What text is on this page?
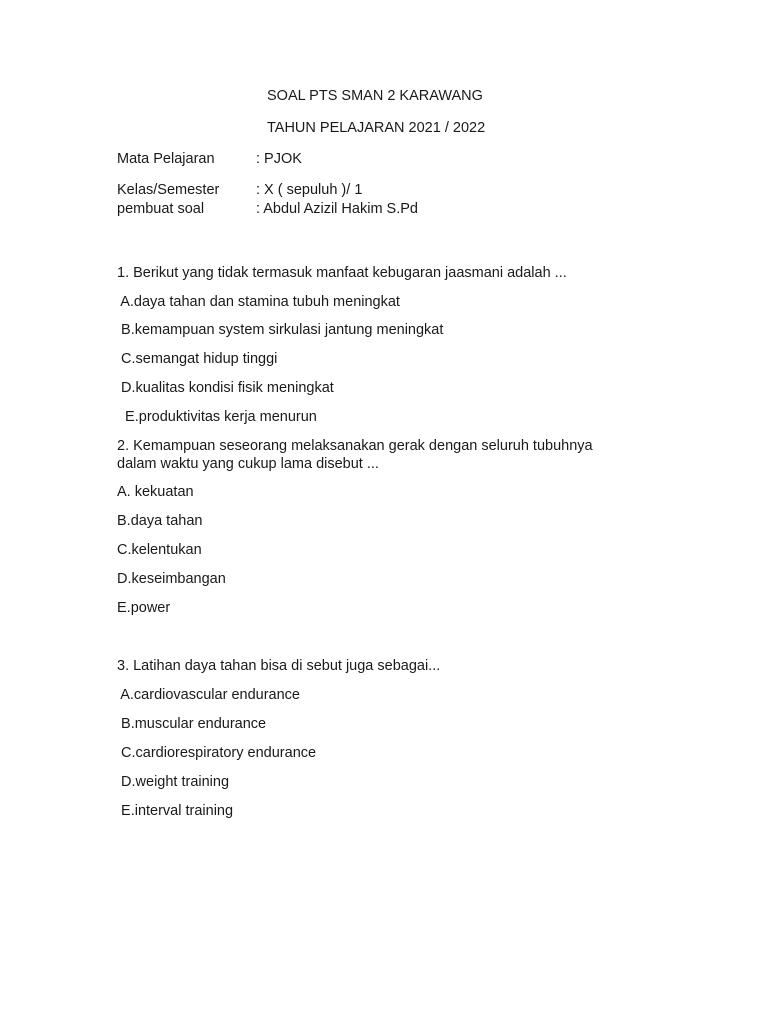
SOAL PTS SMAN 2 KARAWANG
TAHUN PELAJARAN 2021 / 2022
Mata Pelajaran	: PJOK
Kelas/Semester	: X ( sepuluh )/ 1
pembuat soal	: Abdul Azizil Hakim S.Pd
1. Berikut yang tidak termasuk manfaat kebugaran jaasmani adalah ...
A.daya tahan dan stamina tubuh meningkat
B.kemampuan system sirkulasi jantung meningkat
C.semangat hidup tinggi
D.kualitas kondisi fisik meningkat
E.produktivitas kerja menurun
2. Kemampuan seseorang melaksanakan gerak dengan seluruh tubuhnya
dalam waktu yang cukup lama disebut ...
A. kekuatan
B.daya tahan
C.kelentukan
D.keseimbangan
E.power
3. Latihan daya tahan bisa di sebut juga sebagai...
A.cardiovascular endurance
B.muscular endurance
C.cardiorespiratory endurance
D.weight training
E.interval training
